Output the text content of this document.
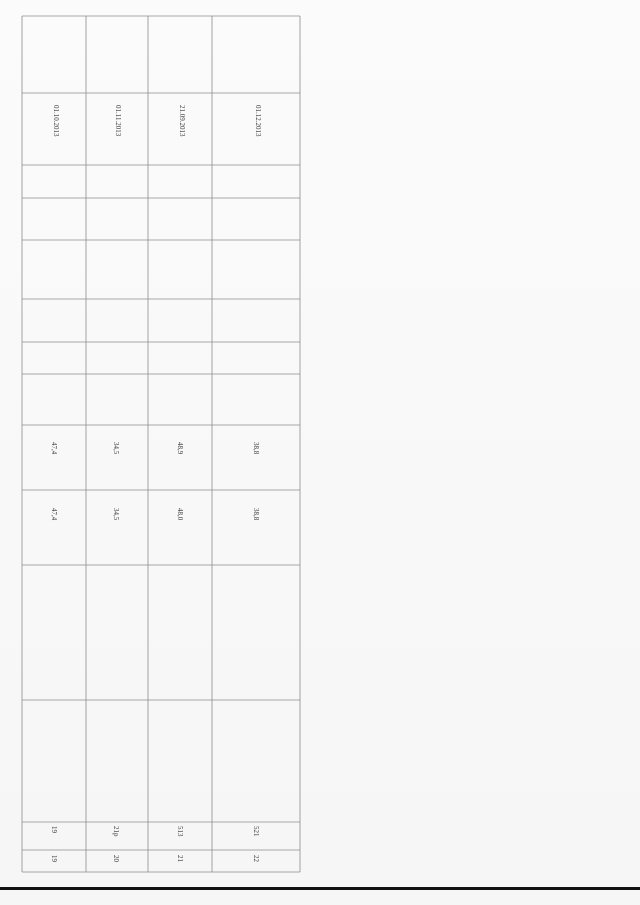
01.10.2013
47,4
47,4
19
19
01.11.2013
34,5
34,5
21р
20
21.09.2013
48,9
48,0
513
21
01.12.2013
38,8
38,8
521
22
